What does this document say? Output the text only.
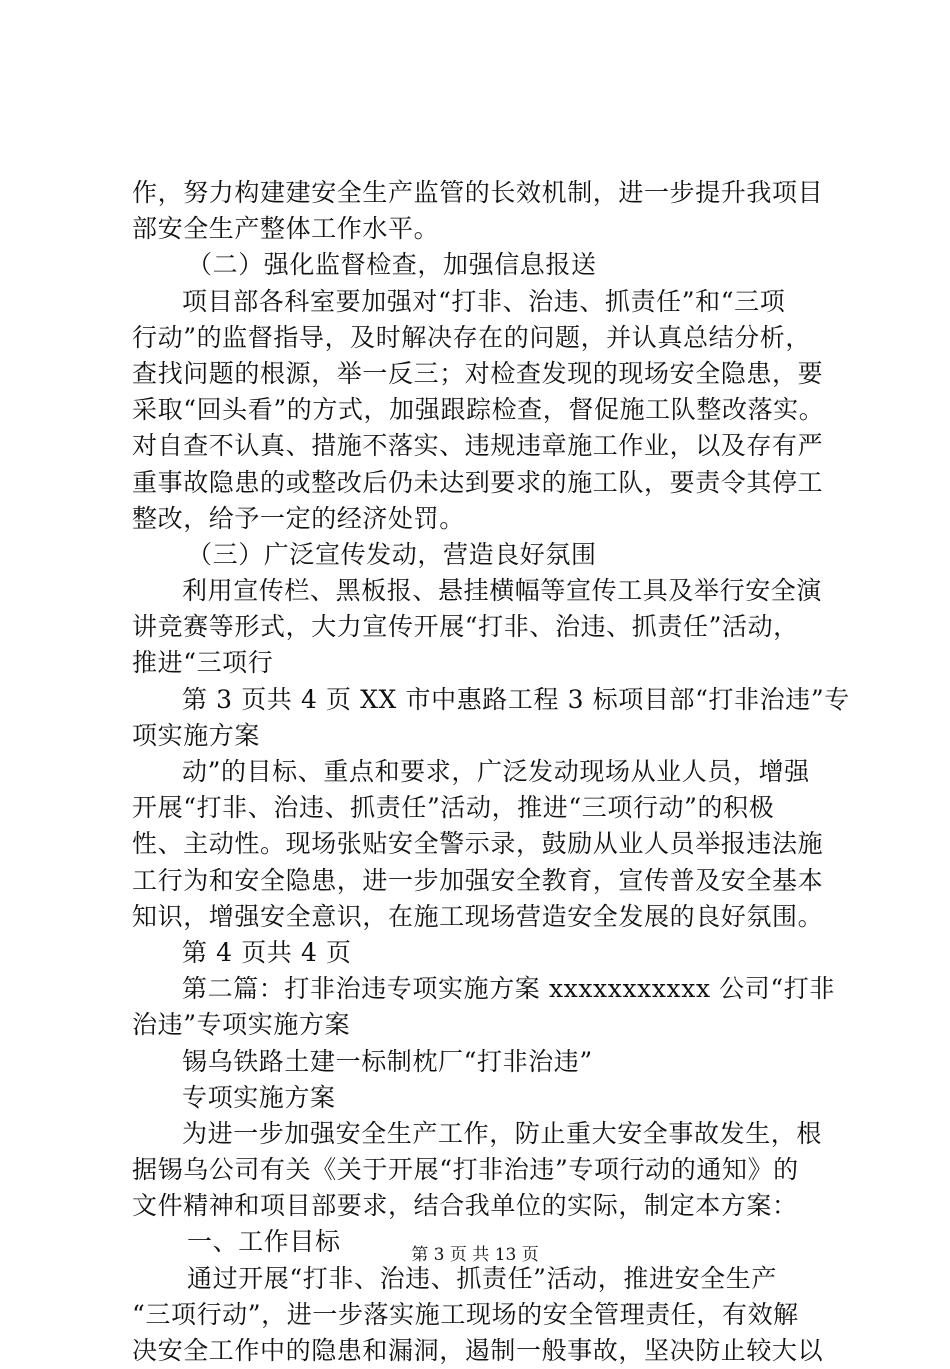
作，努力构建建安全生产监管的长效机制，进一步提升我项目
部安全生产整体工作水平。
（二）强化监督检查，加强信息报送
项目部各科室要加强对“打非、治违、抓责任”和“三项
行动”的监督指导，及时解决存在的问题，并认真总结分析，
查找问题的根源，举一反三；对检查发现的现场安全隐患，要
采取“回头看”的方式，加强跟踪检查，督促施工队整改落实。
对自查不认真、措施不落实、违规违章施工作业，以及存有严
重事故隐患的或整改后仍未达到要求的施工队，要责令其停工
整改，给予一定的经济处罚。
（三）广泛宣传发动，营造良好氛围
利用宣传栏、黑板报、悬挂横幅等宣传工具及举行安全演
讲竞赛等形式，大力宣传开展“打非、治违、抓责任”活动，
推进“三项行
第 3 页共 4 页 XX 市中惠路工程 3 标项目部“打非治违”专
项实施方案
动”的目标、重点和要求，广泛发动现场从业人员，增强
开展“打非、治违、抓责任”活动，推进“三项行动”的积极
性、主动性。现场张贴安全警示录，鼓励从业人员举报违法施
工行为和安全隐患，进一步加强安全教育，宣传普及安全基本
知识，增强安全意识，在施工现场营造安全发展的良好氛围。
第 4 页共 4 页
第二篇：打非治违专项实施方案 xxxxxxxxxxx 公司“打非
治违”专项实施方案
锡乌铁路土建一标制枕厂“打非治违”
专项实施方案
为进一步加强安全生产工作，防止重大安全事故发生，根
据锡乌公司有关《关于开展“打非治违”专项行动的通知》的
文件精神和项目部要求，结合我单位的实际，制定本方案：
一、工作目标
通过开展“打非、治违、抓责任”活动，推进安全生产
“三项行动”，进一步落实施工现场的安全管理责任，有效解
决安全工作中的隐患和漏洞，遏制一般事故，坚决防止较大以
第 3 页 共 13 页
